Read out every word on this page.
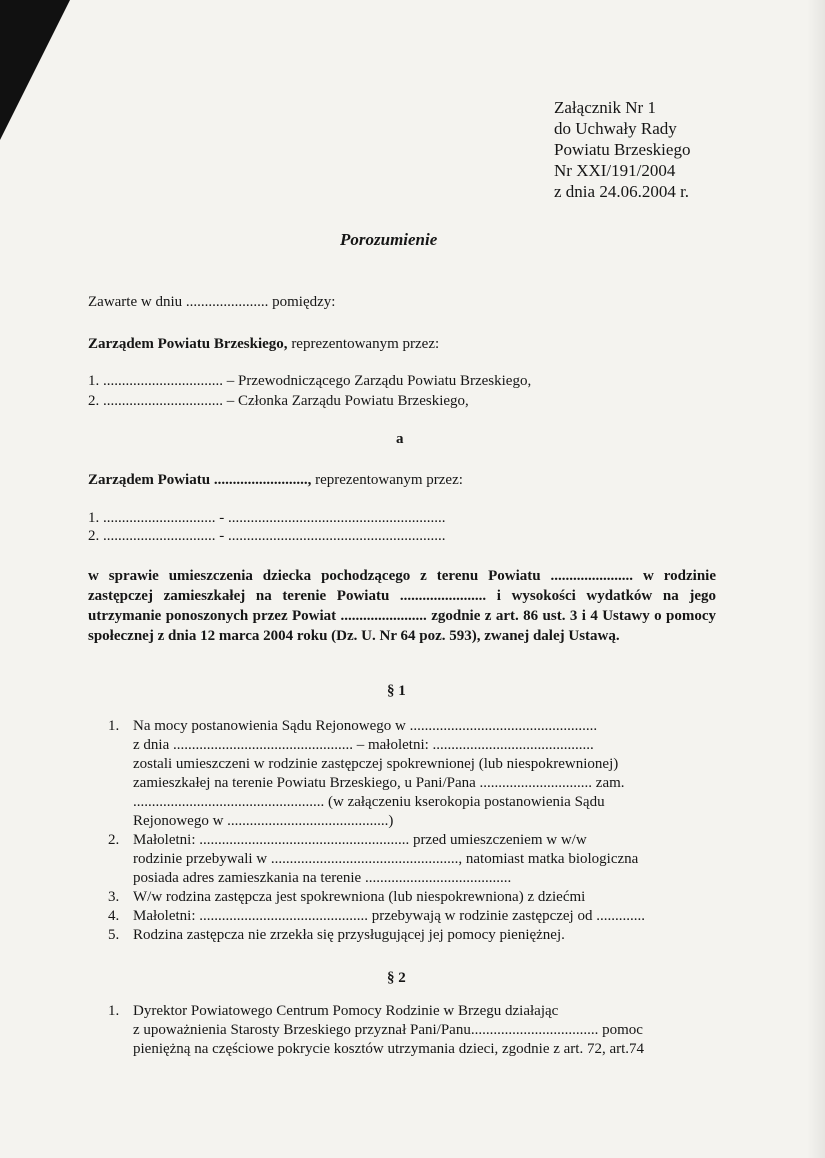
Załącznik Nr 1
do Uchwały Rady
Powiatu Brzeskiego
Nr XXI/191/2004
z dnia 24.06.2004 r.
Porozumienie
Zawarte w dniu ...................... pomiędzy:
Zarządem Powiatu Brzeskiego, reprezentowanym przez:
1. ................................ – Przewodniczącego Zarządu Powiatu Brzeskiego,
2. ................................ – Członka Zarządu Powiatu Brzeskiego,
a
Zarządem Powiatu ........................., reprezentowanym przez:
1. .............................. - ..........................................................
2. .............................. - ..........................................................
w sprawie umieszczenia dziecka pochodzącego z terenu Powiatu ...................... w rodzinie zastępczej zamieszkałej na terenie Powiatu ....................... i wysokości wydatków na jego utrzymanie ponoszonych przez Powiat ....................... zgodnie z art. 86 ust. 3 i 4 Ustawy o pomocy społecznej z dnia 12 marca 2004 roku (Dz. U. Nr 64 poz. 593), zwanej dalej Ustawą.
§ 1
1. Na mocy postanowienia Sądu Rejonowego w ..................................................
z dnia ................................................ – małoletni: ...........................................
zostali umieszczeni w rodzinie zastępczej spokrewnionej (lub niespokrewnionej)
zamieszkałej na terenie Powiatu Brzeskiego, u Pani/Pana .............................. zam.
................................................... (w załączeniu kserokopia postanowienia Sądu
Rejonowego w ...........................................)
2. Małoletni: ........................................................ przed umieszczeniem w w/w
rodzinie przebywali w .................................................., natomiast matka biologiczna
posiada adres zamieszkania na terenie .......................................
3. W/w rodzina zastępcza jest spokrewniona (lub niespokrewniona) z dziećmi
4. Małoletni: ............................................. przebywają w rodzinie zastępczej od .............
5. Rodzina zastępcza nie zrzekła się przysługującej jej pomocy pieniężnej.
§ 2
1. Dyrektor Powiatowego Centrum Pomocy Rodzinie w Brzegu działając
z upoważnienia Starosty Brzeskiego przyznał Pani/Panu.................................. pomoc
pieniężną na częściowe pokrycie kosztów utrzymania dzieci, zgodnie z art. 72, art.74
